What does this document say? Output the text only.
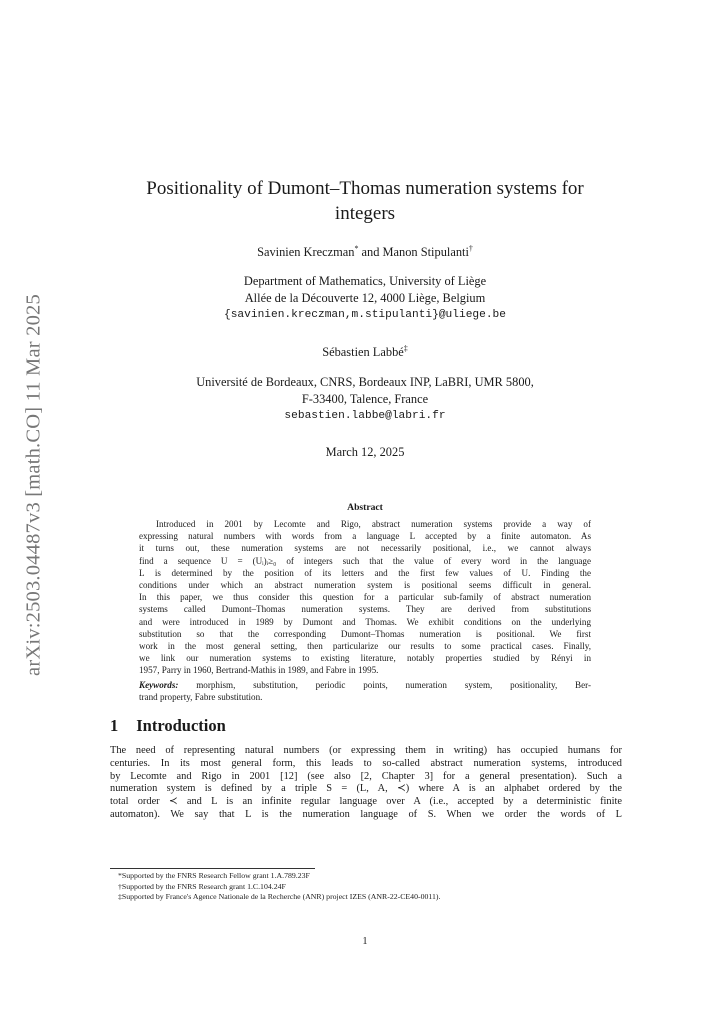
arXiv:2503.04487v3 [math.CO] 11 Mar 2025
Positionality of Dumont–Thomas numeration systems for
integers
Savinien Kreczman* and Manon Stipulanti†
Department of Mathematics, University of Liège
Allée de la Découverte 12, 4000 Liège, Belgium
{savinien.kreczman,m.stipulanti}@uliege.be
Sébastien Labbé‡
Université de Bordeaux, CNRS, Bordeaux INP, LaBRI, UMR 5800,
F-33400, Talence, France
sebastien.labbe@labri.fr
March 12, 2025
Abstract
Introduced in 2001 by Lecomte and Rigo, abstract numeration systems provide a way of
expressing natural numbers with words from a language L accepted by a finite automaton. As
it turns out, these numeration systems are not necessarily positional, i.e., we cannot always
find a sequence U = (Uᵢ)ᵢ≥₀ of integers such that the value of every word in the language
L is determined by the position of its letters and the first few values of U. Finding the
conditions under which an abstract numeration system is positional seems difficult in general.
In this paper, we thus consider this question for a particular sub-family of abstract numeration
systems called Dumont–Thomas numeration systems. They are derived from substitutions
and were introduced in 1989 by Dumont and Thomas. We exhibit conditions on the underlying
substitution so that the corresponding Dumont–Thomas numeration is positional. We first
work in the most general setting, then particularize our results to some practical cases. Finally,
we link our numeration systems to existing literature, notably properties studied by Rényi in
1957, Parry in 1960, Bertrand-Mathis in 1989, and Fabre in 1995.
Keywords: morphism, substitution, periodic points, numeration system, positionality, Ber-
trand property, Fabre substitution.
1 Introduction
The need of representing natural numbers (or expressing them in writing) has occupied humans for
centuries. In its most general form, this leads to so-called abstract numeration systems, introduced
by Lecomte and Rigo in 2001 [12] (see also [2, Chapter 3] for a general presentation). Such a
numeration system is defined by a triple S = (L, A, ≺) where A is an alphabet ordered by the
total order ≺ and L is an infinite regular language over A (i.e., accepted by a deterministic finite
automaton). We say that L is the numeration language of S. When we order the words of L
*Supported by the FNRS Research Fellow grant 1.A.789.23F
†Supported by the FNRS Research grant 1.C.104.24F
‡Supported by France's Agence Nationale de la Recherche (ANR) project IZES (ANR-22-CE40-0011).
1
